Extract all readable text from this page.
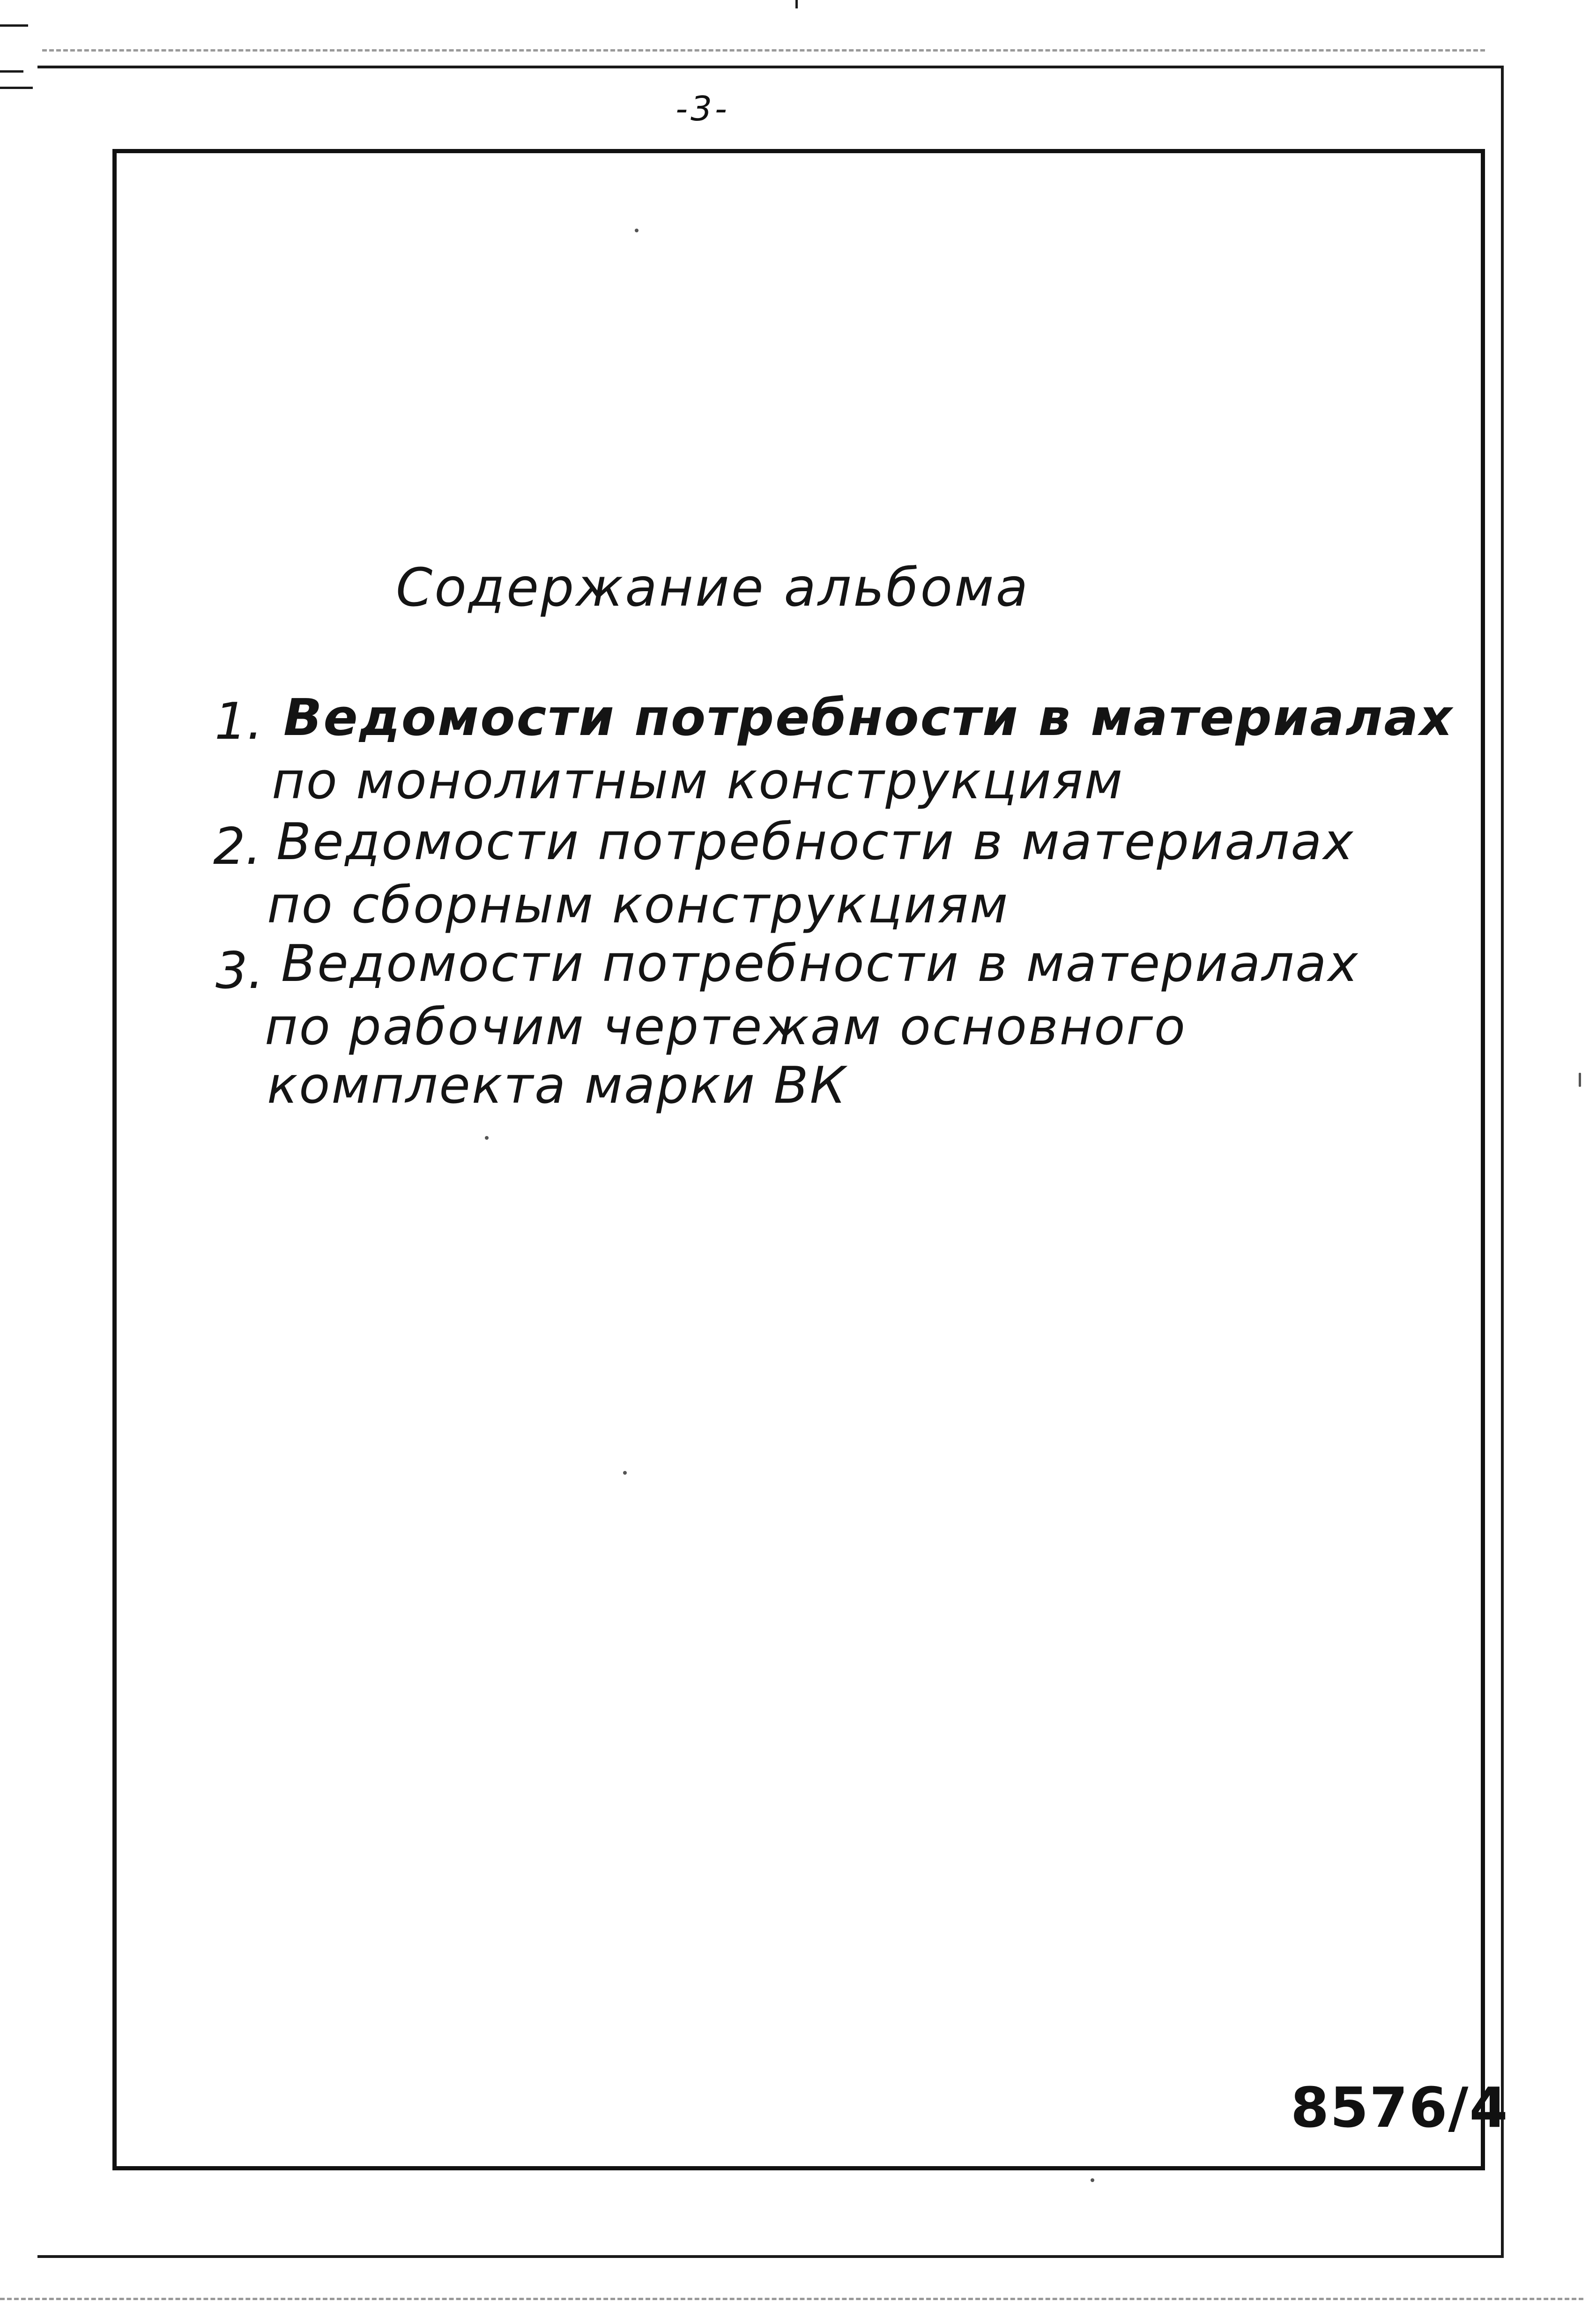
-3-
Содержание альбома
1. Ведомости потребности в материалах
по монолитным конструкциям
2. Ведомости потребности в материалах
по сборным конструкциям
3. Ведомости потребности в материалах
по рабочим чертежам основного
комплекта марки ВК
8576/4
